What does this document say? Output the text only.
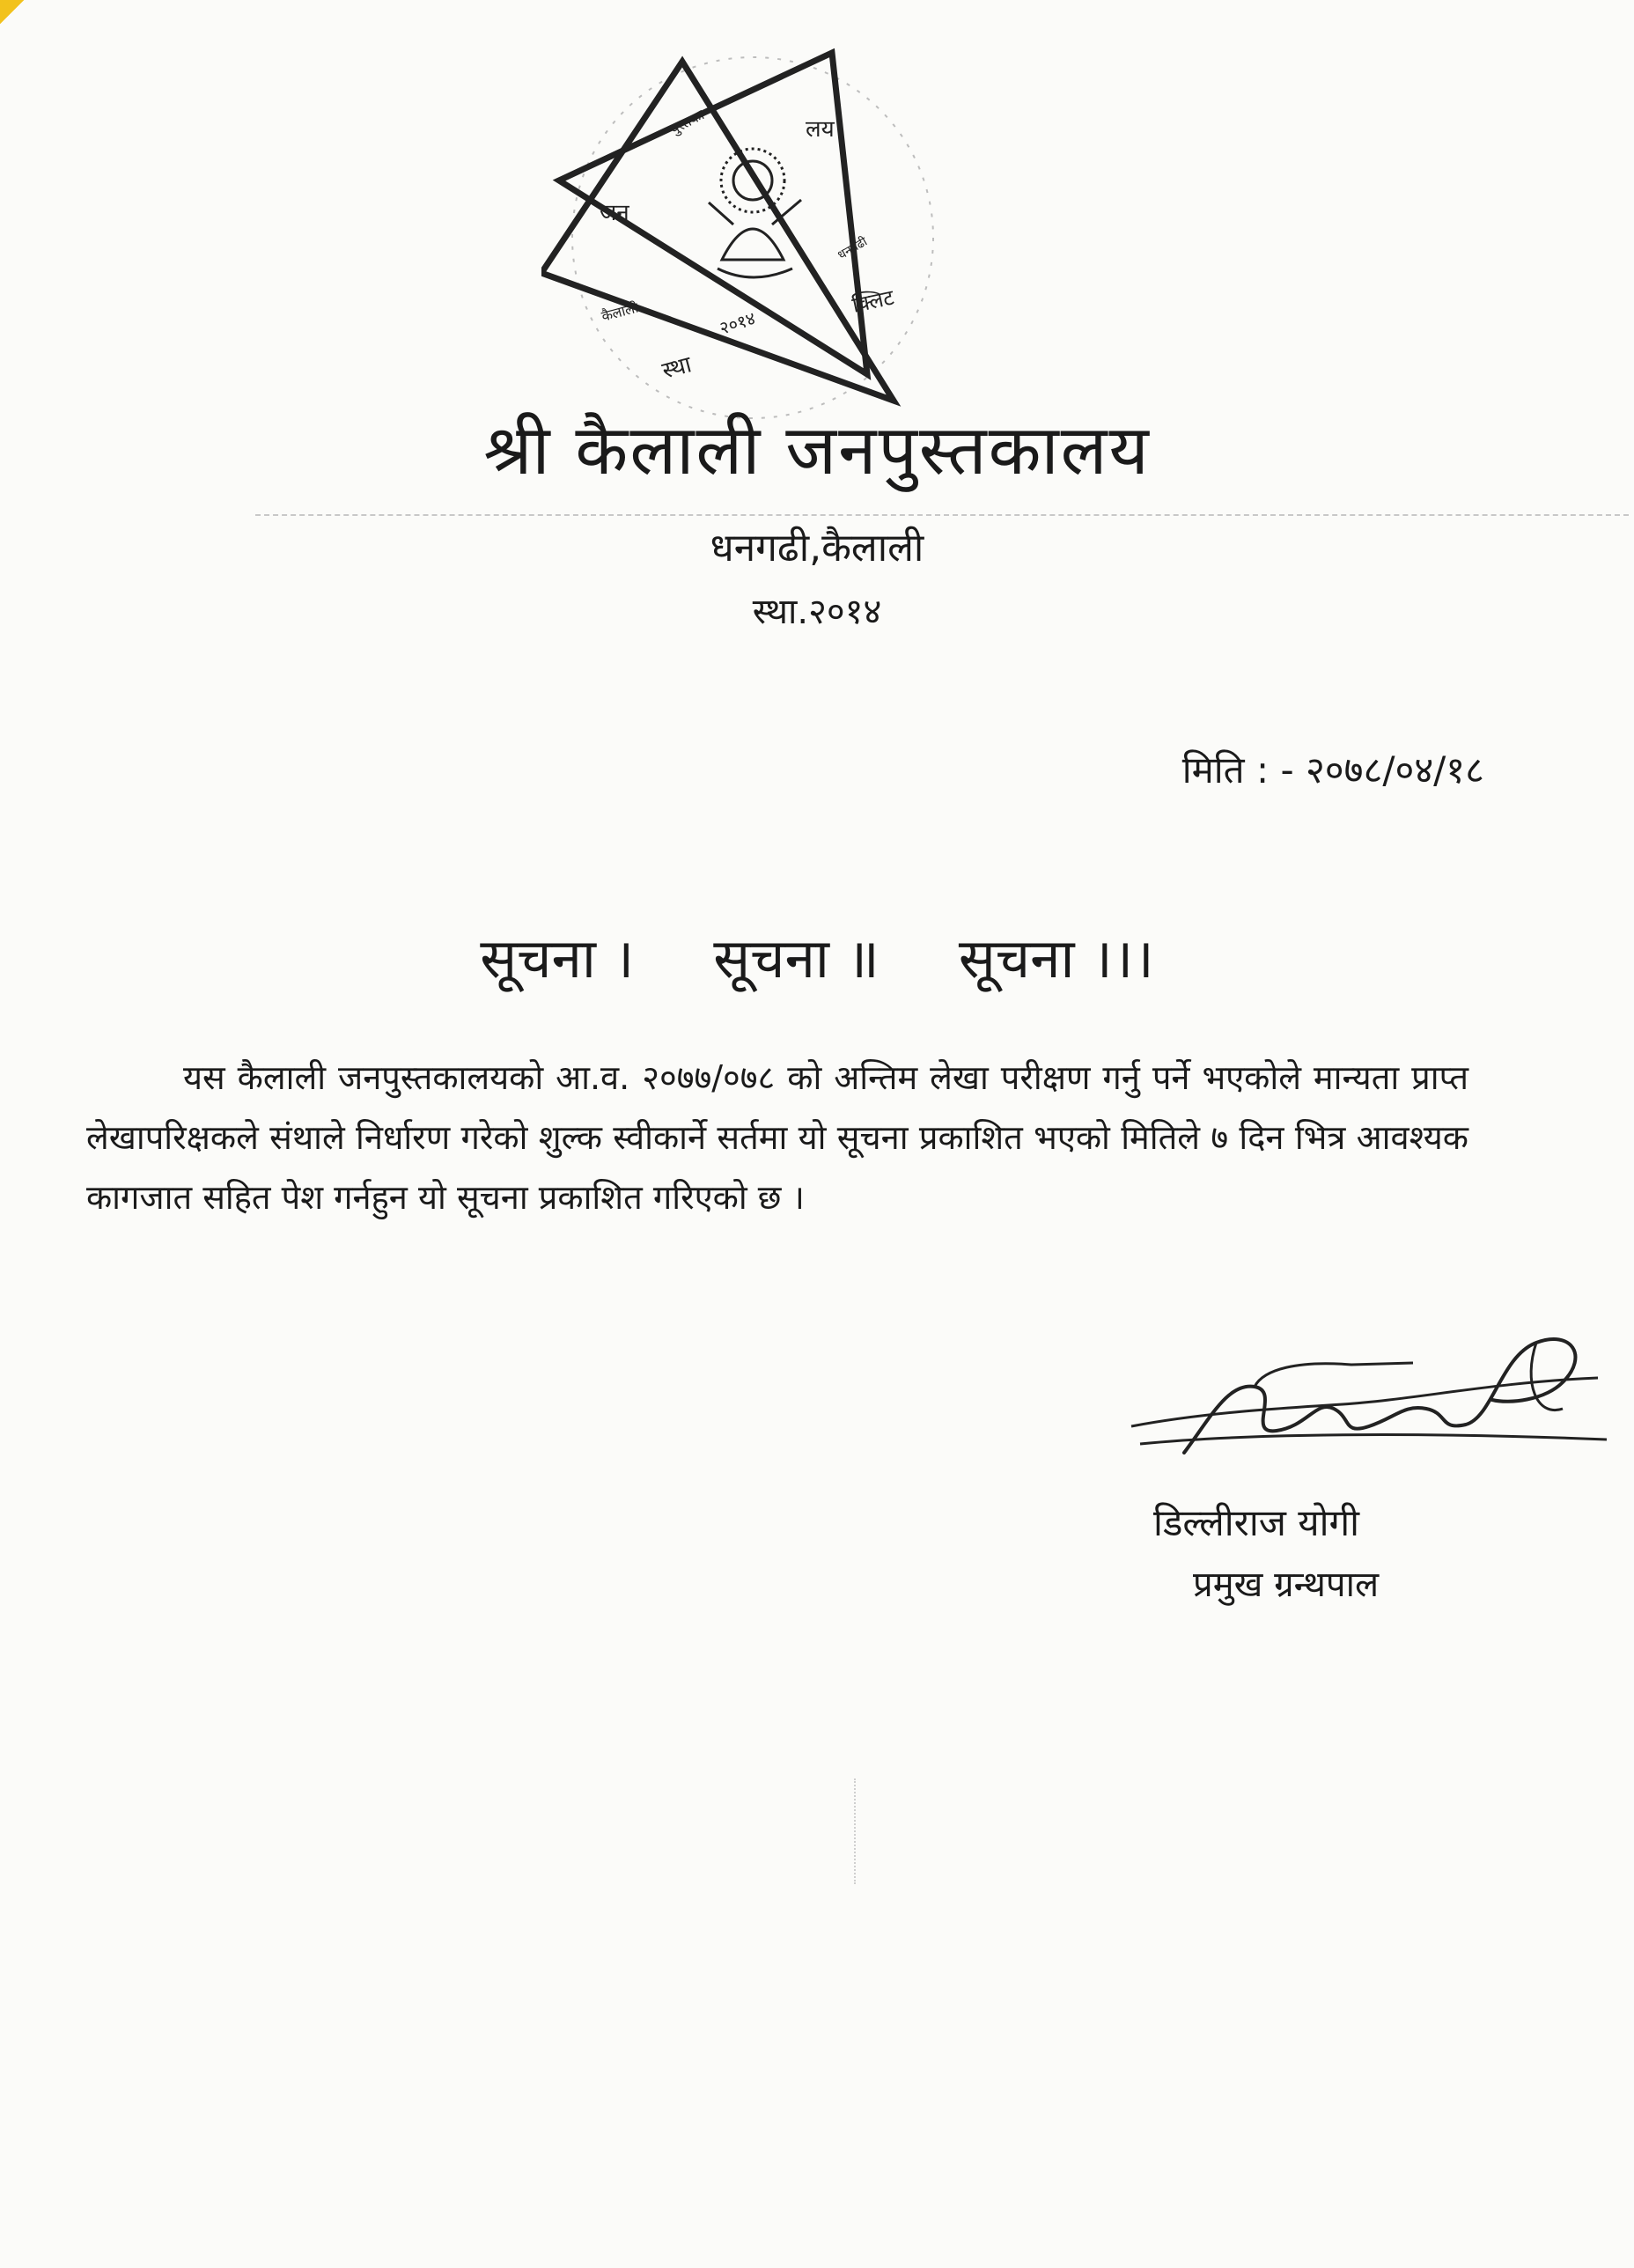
जन
पुस्तका	लय
कैलाली	२०१४
स्था
धनगढी
क्लिट
श्री कैलाली जनपुस्तकालय
धनगढी,कैलाली
स्था.२०१४
मिति : - २०७८/०४/१८
सूचना । सूचना ॥ सूचना ।।।

यस कैलाली जनपुस्तकालयको आ.व. २०७७/०७८ को अन्तिम लेखा परीक्षण गर्नु पर्ने भएकोले मान्यता प्राप्त लेखापरिक्षकले संथाले निर्धारण गरेको शुल्क स्वीकार्ने सर्तमा यो सूचना प्रकाशित भएको मितिले ७ दिन भित्र आवश्यक कागजात सहित पेश गर्नहुन यो सूचना प्रकाशित गरिएको छ ।

डिल्लीराज योगी
प्रमुख ग्रन्थपाल
